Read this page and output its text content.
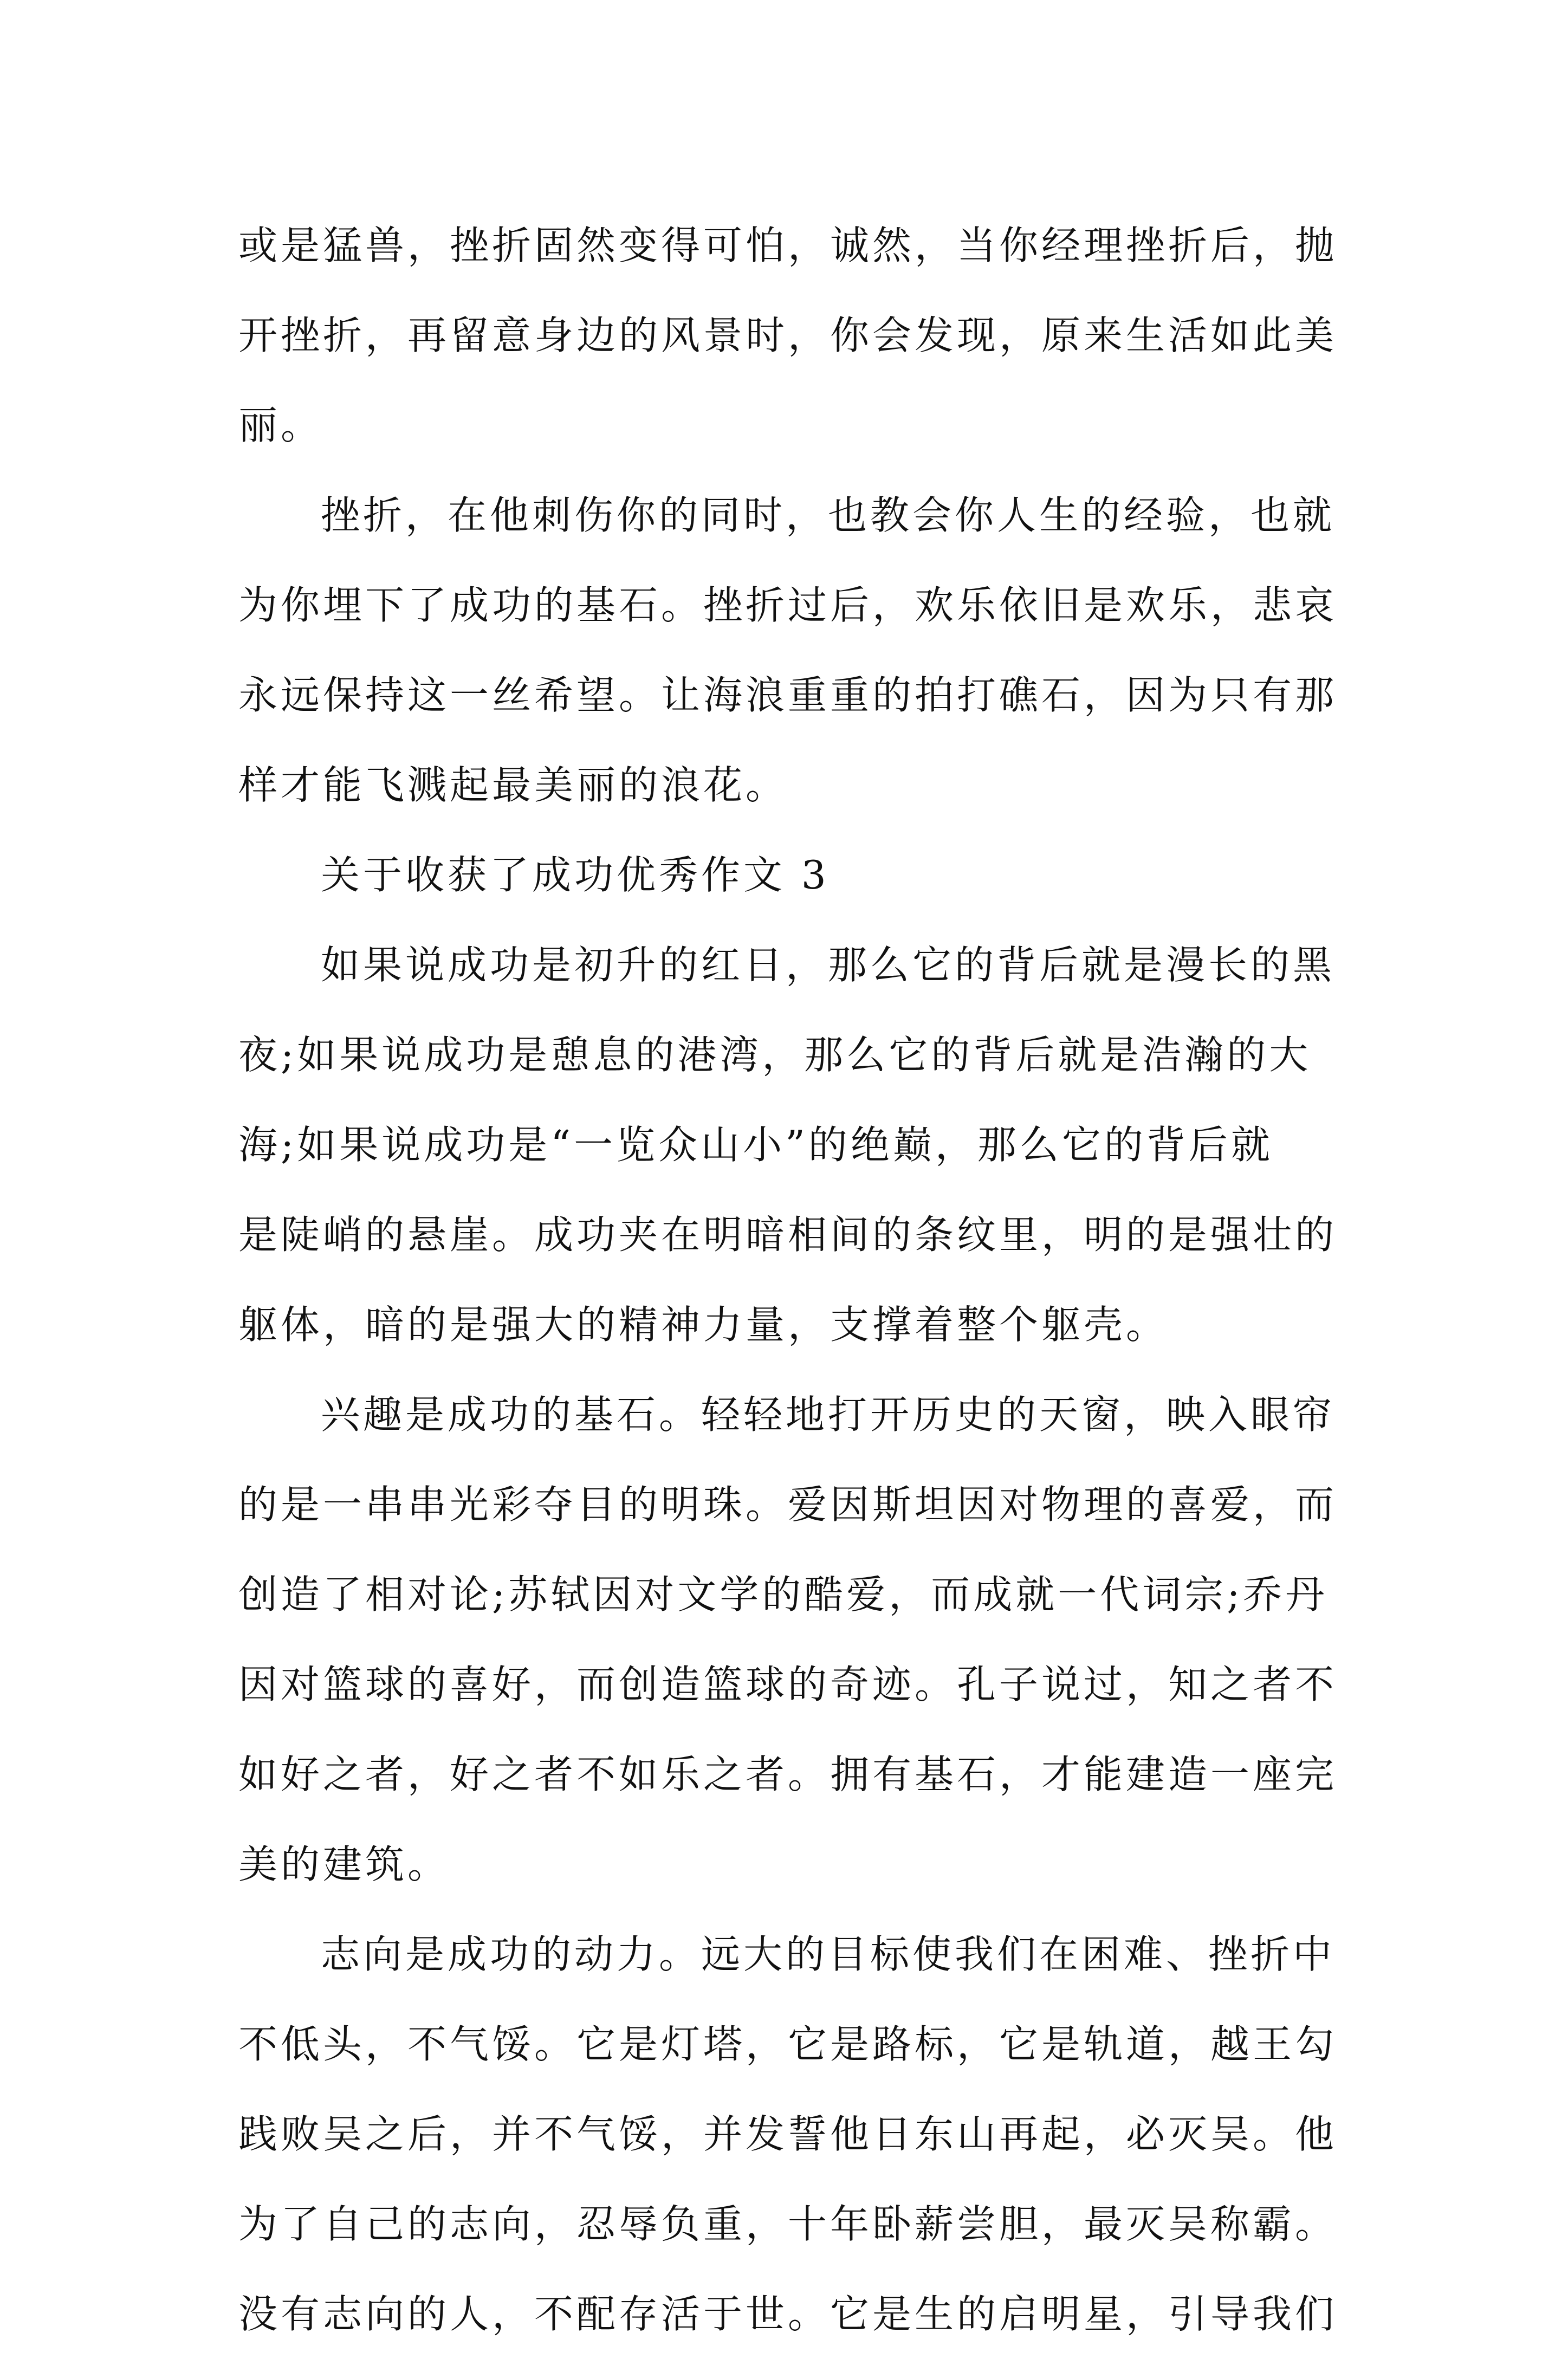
或是猛兽，挫折固然变得可怕，诚然，当你经理挫折后，抛
开挫折，再留意身边的风景时，你会发现，原来生活如此美
丽。
挫折，在他刺伤你的同时，也教会你人生的经验，也就
为你埋下了成功的基石。挫折过后，欢乐依旧是欢乐，悲哀
永远保持这一丝希望。让海浪重重的拍打礁石，因为只有那
样才能飞溅起最美丽的浪花。
关于收获了成功优秀作文 3
如果说成功是初升的红日，那么它的背后就是漫长的黑
夜;如果说成功是憩息的港湾，那么它的背后就是浩瀚的大
海;如果说成功是“一览众山小”的绝巅，那么它的背后就
是陡峭的悬崖。成功夹在明暗相间的条纹里，明的是强壮的
躯体，暗的是强大的精神力量，支撑着整个躯壳。
兴趣是成功的基石。轻轻地打开历史的天窗，映入眼帘
的是一串串光彩夺目的明珠。爱因斯坦因对物理的喜爱，而
创造了相对论;苏轼因对文学的酷爱，而成就一代词宗;乔丹
因对篮球的喜好，而创造篮球的奇迹。孔子说过，知之者不
如好之者，好之者不如乐之者。拥有基石，才能建造一座完
美的建筑。
志向是成功的动力。远大的目标使我们在困难、挫折中
不低头，不气馁。它是灯塔，它是路标，它是轨道，越王勾
践败吴之后，并不气馁，并发誓他日东山再起，必灭吴。他
为了自己的志向，忍辱负重，十年卧薪尝胆，最灭吴称霸。
没有志向的人，不配存活于世。它是生的启明星，引导我们
